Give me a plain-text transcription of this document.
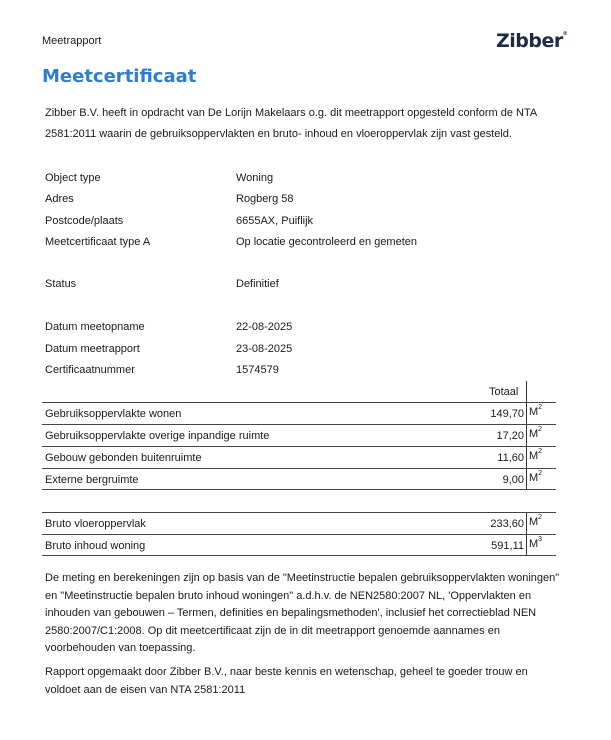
Meetrapport	Zibber®
Meetcertificaat

Zibber B.V. heeft in opdracht van De Lorijn Makelaars o.g. dit meetrapport opgesteld conform de NTA 2581:2011 waarin de gebruiksoppervlakten en bruto- inhoud en vloeroppervlak zijn vast gesteld.

Object type	Woning
Adres	Rogberg 58
Postcode/plaats	6655AX, Puiflijk
Meetcertificaat type A	Op locatie gecontroleerd en gemeten
Status	Definitief
Datum meetopname	22-08-2025
Datum meetrapport	23-08-2025
Certificaatnummer	1574579
Totaal
Gebruiksoppervlakte wonen	149,70 $M^2$
Gebruiksoppervlakte overige inpandige ruimte	17,20 $M^2$
Gebouw gebonden buitenruimte	11,60 $M^2$
Externe bergruimte	9,00 $M^2$
Bruto vloeroppervlak	233,60 $M^2$
Bruto inhoud woning	591,11 $M^3$

De meting en berekeningen zijn op basis van de "Meetinstructie bepalen gebruiksoppervlakten woningen" en "Meetinstructie bepalen bruto inhoud woningen" a.d.h.v. de NEN2580:2007 NL, 'Oppervlakten en inhouden van gebouwen – Termen, definities en bepalingsmethoden', inclusief het correctieblad NEN 2580:2007/C1:2008. Op dit meetcertificaat zijn de in dit meetrapport genoemde aannames en voorbehouden van toepassing.

Rapport opgemaakt door Zibber B.V., naar beste kennis en wetenschap, geheel te goeder trouw en voldoet aan de eisen van NTA 2581:2011
